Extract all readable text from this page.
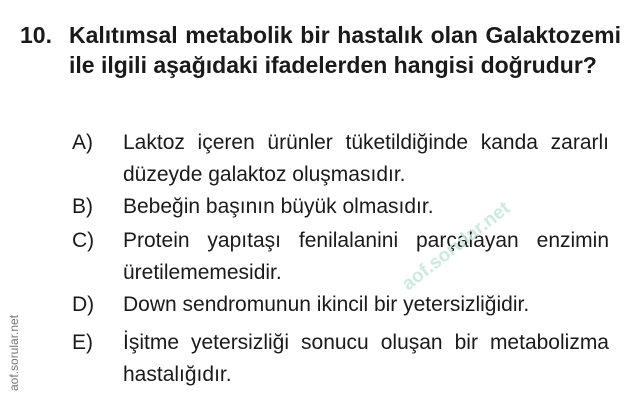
10. Kalıtımsal metabolik bir hastalık olan Galaktozemi ile ilgili aşağıdaki ifadelerden hangisi doğrudur?
A) Laktoz içeren ürünler tüketildiğinde kanda zararlı düzeyde galaktoz oluşmasıdır.
B) Bebeğin başının büyük olmasıdır.
C) Protein yapıtaşı fenilalanini parçalayan enzimin üretilememesidir.
D) Down sendromunun ikincil bir yetersizliğidir.
E) İşitme yetersizliği sonucu oluşan bir metabolizma hastalığıdır.
aof.sorular.net
aof.sorular.net
